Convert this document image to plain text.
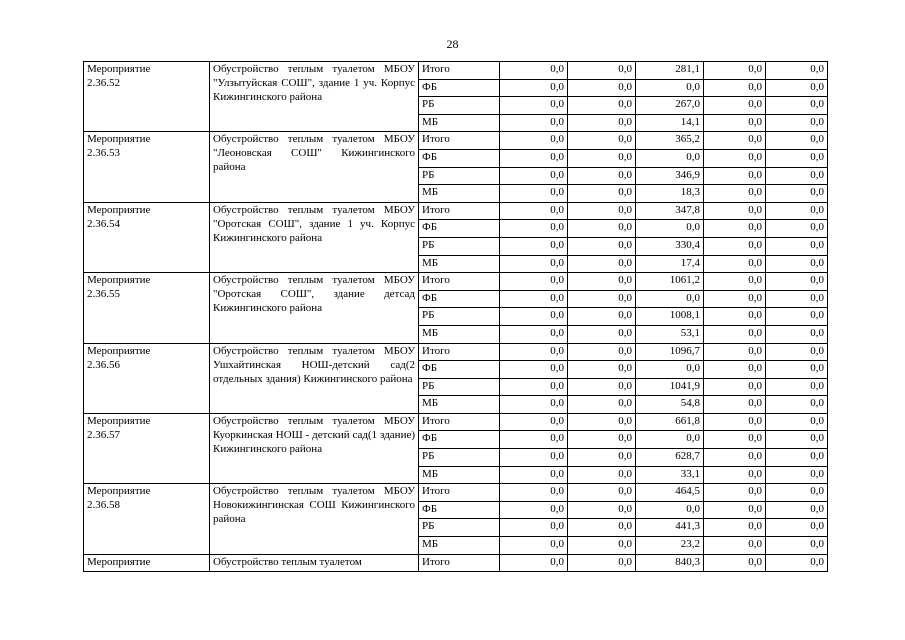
28
Мероприятие
2.36.52	Обустройство теплым туалетом МБОУ "Улзытуйская СОШ", здание 1 уч. Корпус Кижингинского района	Итого	0,0	0,0	281,1	0,0	0,0
		ФБ	0,0	0,0	0,0	0,0	0,0
		РБ	0,0	0,0	267,0	0,0	0,0
		МБ	0,0	0,0	14,1	0,0	0,0

Мероприятие
2.36.53	Обустройство теплым туалетом МБОУ "Леоновская СОШ" Кижингинского района	Итого	0,0	0,0	365,2	0,0	0,0
		ФБ	0,0	0,0	0,0	0,0	0,0
		РБ	0,0	0,0	346,9	0,0	0,0
		МБ	0,0	0,0	18,3	0,0	0,0

Мероприятие
2.36.54	Обустройство теплым туалетом МБОУ "Оротская СОШ", здание 1 уч. Корпус Кижингинского района	Итого	0,0	0,0	347,8	0,0	0,0
		ФБ	0,0	0,0	0,0	0,0	0,0
		РБ	0,0	0,0	330,4	0,0	0,0
		МБ	0,0	0,0	17,4	0,0	0,0

Мероприятие
2.36.55	Обустройство теплым туалетом МБОУ "Оротская СОШ", здание детсад Кижингинского района	Итого	0,0	0,0	1061,2	0,0	0,0
		ФБ	0,0	0,0	0,0	0,0	0,0
		РБ	0,0	0,0	1008,1	0,0	0,0
		МБ	0,0	0,0	53,1	0,0	0,0

Мероприятие
2.36.56	Обустройство теплым туалетом МБОУ Ушхайтинская НОШ-детский сад(2 отдельных здания) Кижингинского района	Итого	0,0	0,0	1096,7	0,0	0,0
		ФБ	0,0	0,0	0,0	0,0	0,0
		РБ	0,0	0,0	1041,9	0,0	0,0
		МБ	0,0	0,0	54,8	0,0	0,0

Мероприятие
2.36.57	Обустройство теплым туалетом МБОУ Куоркинская НОШ - детский сад(1 здание) Кижингинского района	Итого	0,0	0,0	661,8	0,0	0,0
		ФБ	0,0	0,0	0,0	0,0	0,0
		РБ	0,0	0,0	628,7	0,0	0,0
		МБ	0,0	0,0	33,1	0,0	0,0

Мероприятие
2.36.58	Обустройство теплым туалетом МБОУ Новокижингинская СОШ Кижингинского района	Итого	0,0	0,0	464,5	0,0	0,0
		ФБ	0,0	0,0	0,0	0,0	0,0
		РБ	0,0	0,0	441,3	0,0	0,0
		МБ	0,0	0,0	23,2	0,0	0,0

Мероприятие	Обустройство теплым туалетом	Итого	0,0	0,0	840,3	0,0	0,0
